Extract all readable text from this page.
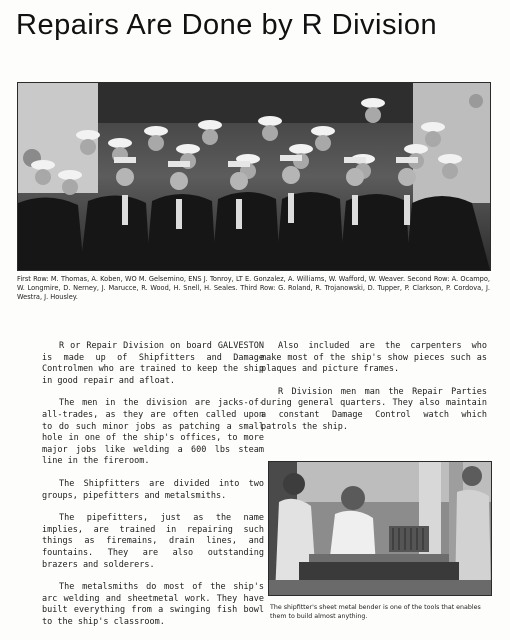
Repairs Are Done by R Division
First Row: M. Thomas, A. Koben, WO M. Gelsemino, ENS J. Tonroy, LT E. Gonzalez, A. Williams, W. Wafford, W. Weaver. Second Row: A. Ocampo, W. Longmire, D. Nerney, J. Marucce, R. Wood, H. Snell, H. Seales. Third Row: G. Roland, R. Trojanowski, D. Tupper, P. Clarkson, P. Cordova, J. Westra, J. Housley.

R or Repair Division on board GALVESTON is made up of Shipfitters and Damage Controlmen who are trained to keep the ship in good repair and afloat.

The men in the division are jacks-of-all-trades, as they are often called upon to do such minor jobs as patching a small hole in one of the ship's offices, to more major jobs like welding a 600 lbs steam line in the fireroom.

The Shipfitters are divided into two groups, pipefitters and metalsmiths.

The pipefitters, just as the name implies, are trained in repairing such things as firemains, drain lines, and fountains. They are also outstanding brazers and solderers.

The metalsmiths do most of the ship's arc welding and sheetmetal work. They have built everything from a swinging fish bowl to the ship's classroom.

Also included are the carpenters who make most of the ship's show pieces such as plaques and picture frames.

R Division men man the Repair Parties during general quarters. They also maintain a constant Damage Control watch which patrols the ship.

The shipfitter's sheet metal bender is one of the tools that enables them to build almost anything.
